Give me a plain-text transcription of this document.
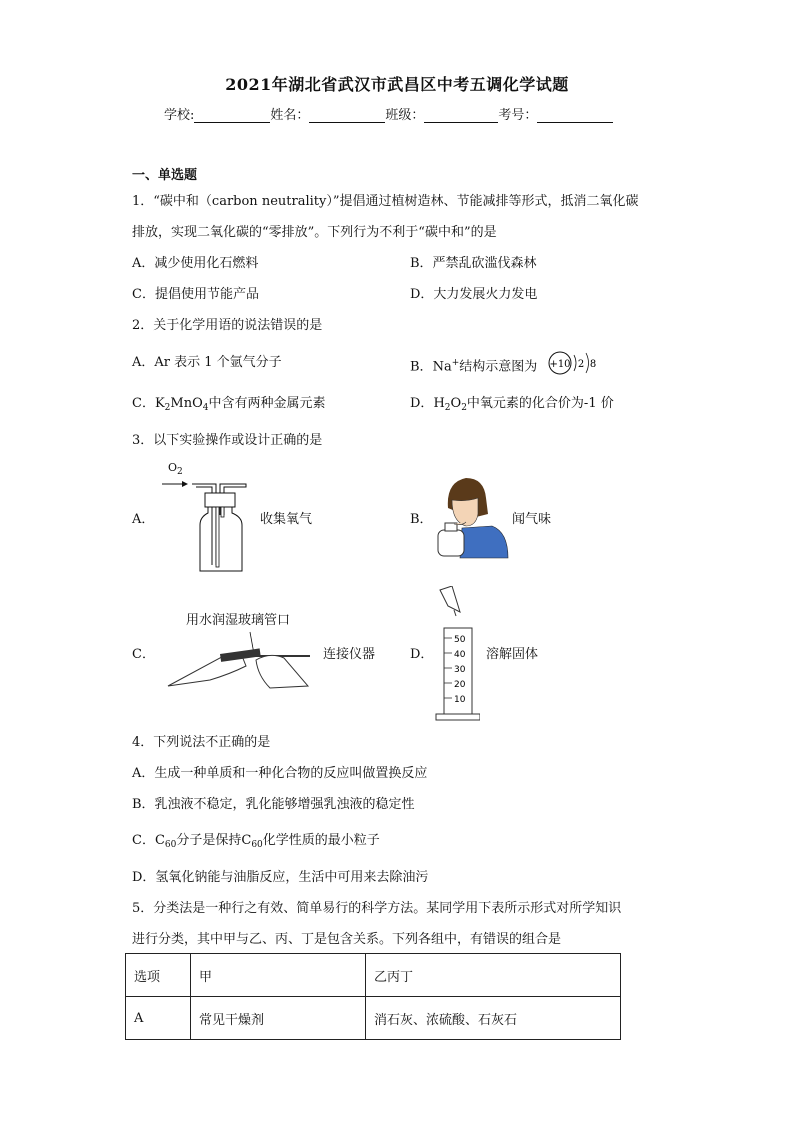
2021年湖北省武汉市武昌区中考五调化学试题
学校:	姓名：	班级：	考号：
一、单选题
1．“碳中和（carbon neutrality）”提倡通过植树造林、节能减排等形式，抵消二氧化碳
排放，实现二氧化碳的“零排放”。下列行为不利于“碳中和”的是
A．减少使用化石燃料	B．严禁乱砍滥伐森林
C．提倡使用节能产品	D．大力发展火力发电
2．关于化学用语的说法错误的是
A．Ar 表示 1 个氩气分子	B．Na+结构示意图为 +10 2 8
C．$K_2MnO_4$中含有两种金属元素	D．$H_2O_2$中氧元素的化合价为-1 价
3．以下实验操作或设计正确的是
A．
$O_2$
收集氧气	B．	闻气味
用水润湿玻璃管口
C．	连接仪器	D．
50
40
30
20
10
溶解固体
4．下列说法不正确的是
A．生成一种单质和一种化合物的反应叫做置换反应
B．乳浊液不稳定，乳化能够增强乳浊液的稳定性
C．$C_{60}$分子是保持$C_{60}$化学性质的最小粒子
D．氢氧化钠能与油脂反应，生活中可用来去除油污
5．分类法是一种行之有效、简单易行的科学方法。某同学用下表所示形式对所学知识
进行分类，其中甲与乙、丙、丁是包含关系。下列各组中，有错误的组合是
选项	甲	乙丙丁
A	常见干燥剂	消石灰、浓硫酸、石灰石
